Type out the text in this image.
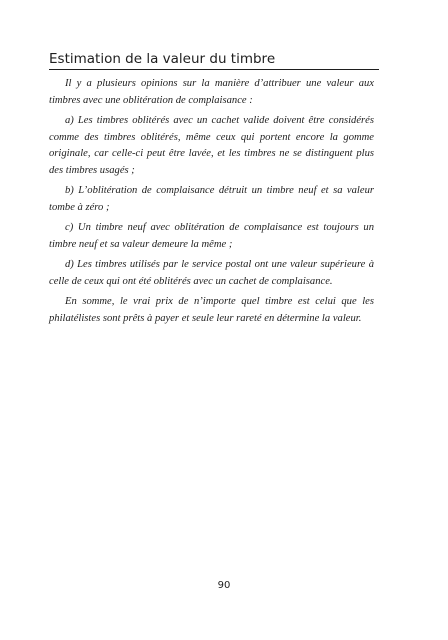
Estimation de la valeur du timbre

Il y a plusieurs opinions sur la manière d’attribuer une valeur aux timbres avec une oblitération de complaisance :

a) Les timbres oblitérés avec un cachet valide doivent être considérés comme des timbres oblitérés, même ceux qui portent encore la gomme originale, car celle-ci peut être lavée, et les timbres ne se distinguent plus des timbres usagés ;

b) L’oblitération de complaisance détruit un timbre neuf et sa valeur tombe à zéro ;

c) Un timbre neuf avec oblitération de complaisance est toujours un timbre neuf et sa valeur demeure la même ;

d) Les timbres utilisés par le service postal ont une valeur supérieure à celle de ceux qui ont été oblitérés avec un cachet de complaisance.

En somme, le vrai prix de n’importe quel timbre est celui que les philatélistes sont prêts à payer et seule leur rareté en détermine la valeur.

90
